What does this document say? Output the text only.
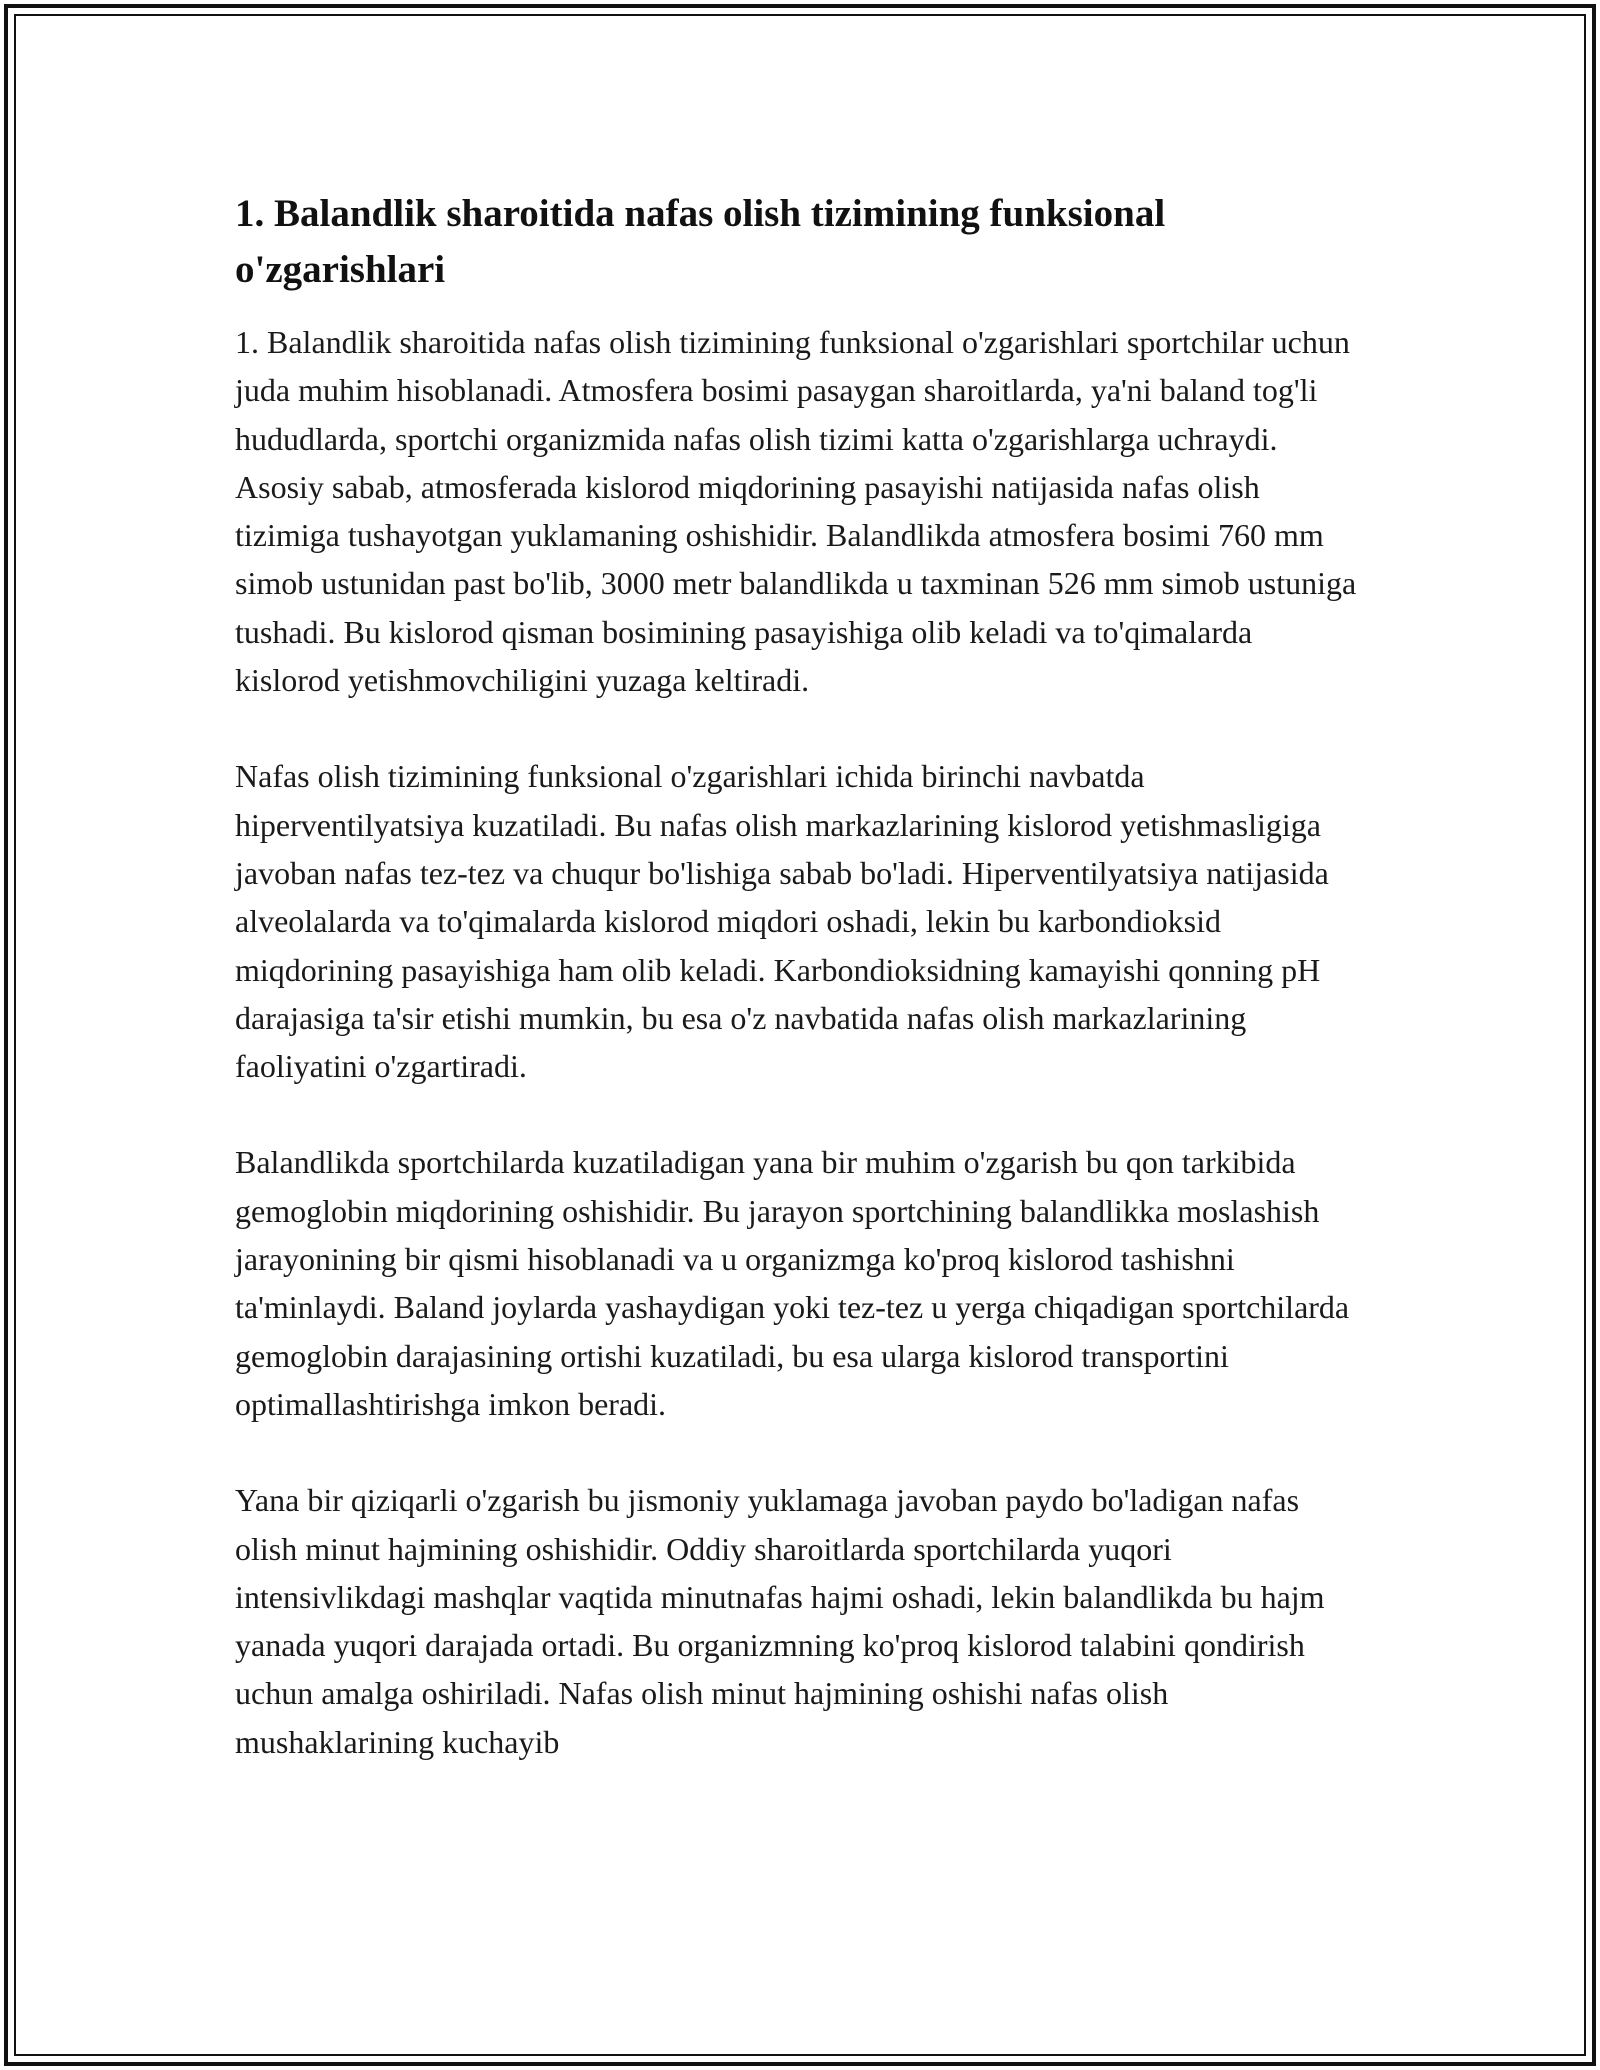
1. Balandlik sharoitida nafas olish tizimining funksional o'zgarishlari

1. Balandlik sharoitida nafas olish tizimining funksional o'zgarishlari sportchilar uchun juda muhim hisoblanadi. Atmosfera bosimi pasaygan sharoitlarda, ya'ni baland tog'li hududlarda, sportchi organizmida nafas olish tizimi katta o'zgarishlarga uchraydi. Asosiy sabab, atmosferada kislorod miqdorining pasayishi natijasida nafas olish tizimiga tushayotgan yuklamaning oshishidir. Balandlikda atmosfera bosimi 760 mm simob ustunidan past bo'lib, 3000 metr balandlikda u taxminan 526 mm simob ustuniga tushadi. Bu kislorod qisman bosimining pasayishiga olib keladi va to'qimalarda kislorod yetishmovchiligini yuzaga keltiradi.

Nafas olish tizimining funksional o'zgarishlari ichida birinchi navbatda hiperventilyatsiya kuzatiladi. Bu nafas olish markazlarining kislorod yetishmasligiga javoban nafas tez-tez va chuqur bo'lishiga sabab bo'ladi. Hiperventilyatsiya natijasida alveolalarda va to'qimalarda kislorod miqdori oshadi, lekin bu karbondioksid miqdorining pasayishiga ham olib keladi. Karbondioksidning kamayishi qonning pH darajasiga ta'sir etishi mumkin, bu esa o'z navbatida nafas olish markazlarining faoliyatini o'zgartiradi.

Balandlikda sportchilarda kuzatiladigan yana bir muhim o'zgarish bu qon tarkibida gemoglobin miqdorining oshishidir. Bu jarayon sportchining balandlikka moslashish jarayonining bir qismi hisoblanadi va u organizmga ko'proq kislorod tashishni ta'minlaydi. Baland joylarda yashaydigan yoki tez-tez u yerga chiqadigan sportchilarda gemoglobin darajasining ortishi kuzatiladi, bu esa ularga kislorod transportini optimallashtirishga imkon beradi.

Yana bir qiziqarli o'zgarish bu jismoniy yuklamaga javoban paydo bo'ladigan nafas olish minut hajmining oshishidir. Oddiy sharoitlarda sportchilarda yuqori intensivlikdagi mashqlar vaqtida minutnafas hajmi oshadi, lekin balandlikda bu hajm yanada yuqori darajada ortadi. Bu organizmning ko'proq kislorod talabini qondirish uchun amalga oshiriladi. Nafas olish minut hajmining oshishi nafas olish mushaklarining kuchayib
